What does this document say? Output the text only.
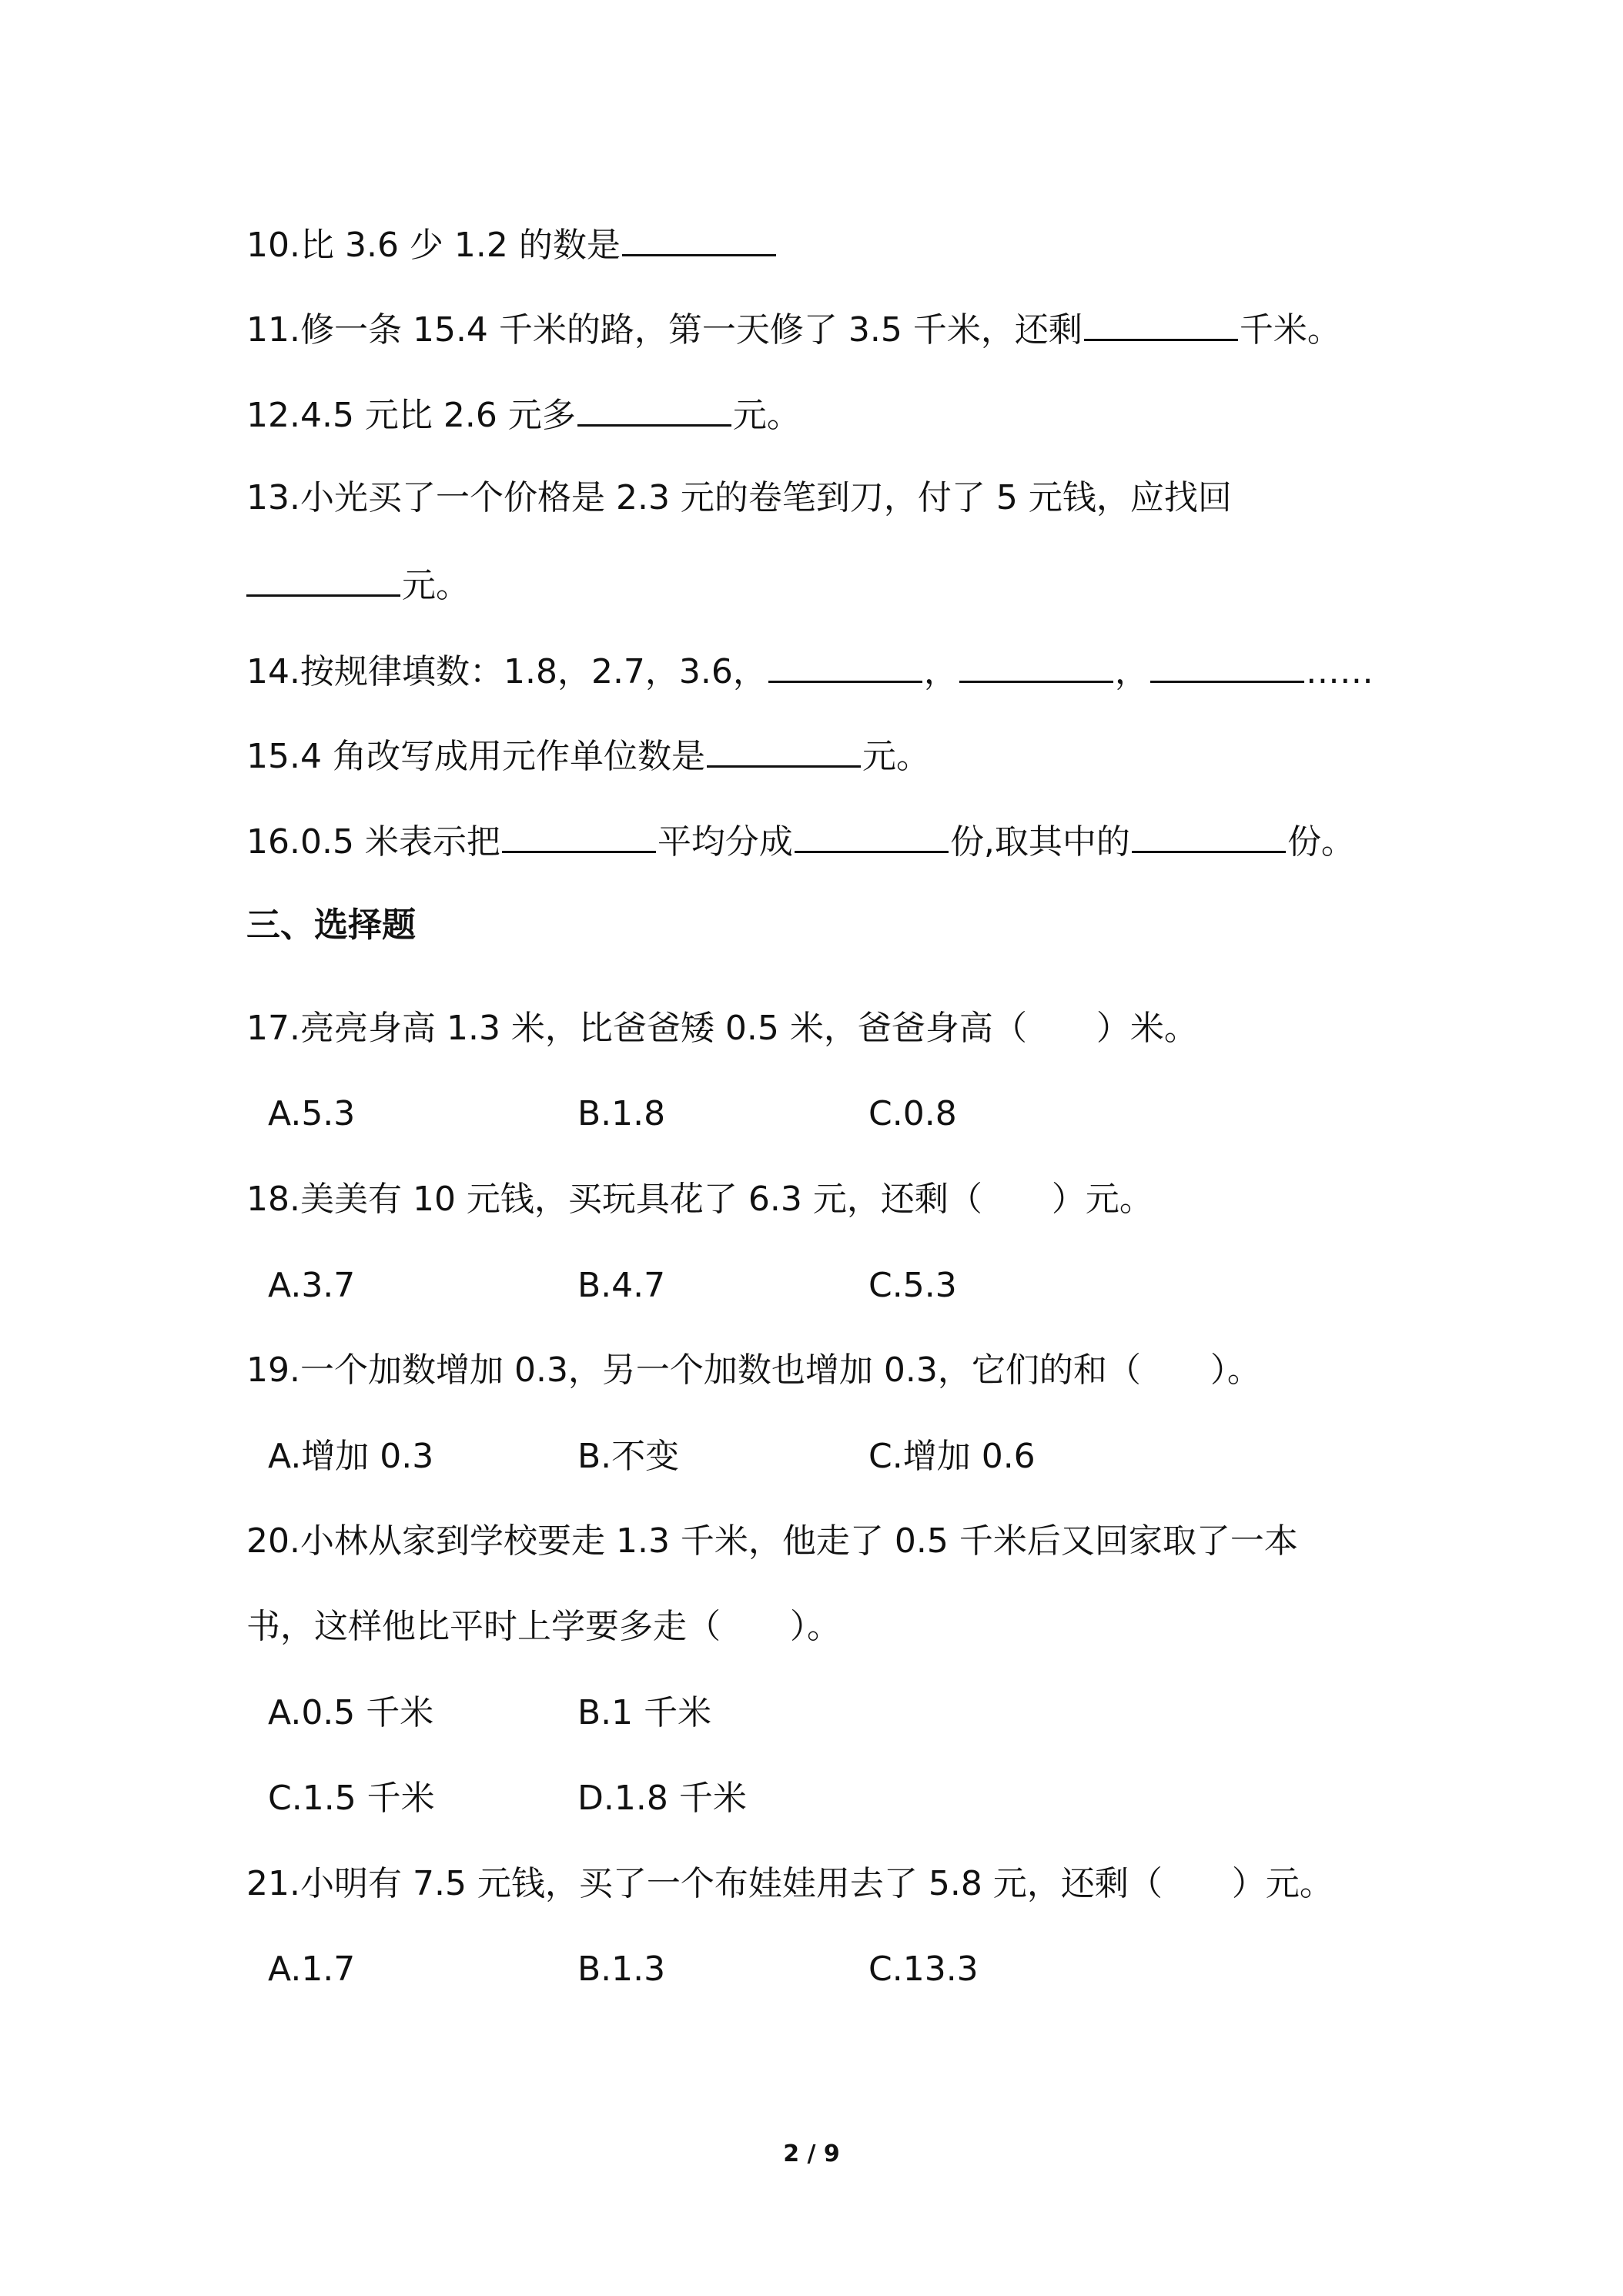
10.比 3.6 少 1.2 的数是
11.修一条 15.4 千米的路，第一天修了 3.5 千米，还剩	千米。
12.4.5 元比 2.6 元多	元。
13.小光买了一个价格是 2.3 元的卷笔到刀，付了 5 元钱，应找回
元。
14.按规律填数：1.8，2.7，3.6，	，	，	……
15.4 角改写成用元作单位数是	元。
16.0.5 米表示把	平均分成	份,取其中的	份。
三、选择题
17.亮亮身高 1.3 米，比爸爸矮 0.5 米，爸爸身高（ ）米。
A.5.3	B.1.8	C.0.8
18.美美有 10 元钱，买玩具花了 6.3 元，还剩（ ）元。
A.3.7	B.4.7	C.5.3
19.一个加数增加 0.3，另一个加数也增加 0.3，它们的和（ ）。
A.增加 0.3	B.不变	C.增加 0.6
20.小林从家到学校要走 1.3 千米，他走了 0.5 千米后又回家取了一本
书，这样他比平时上学要多走（ ）。
A.0.5 千米	B.1 千米
C.1.5 千米	D.1.8 千米
21.小明有 7.5 元钱，买了一个布娃娃用去了 5.8 元，还剩（ ）元。
A.1.7	B.1.3	C.13.3
2 / 9
